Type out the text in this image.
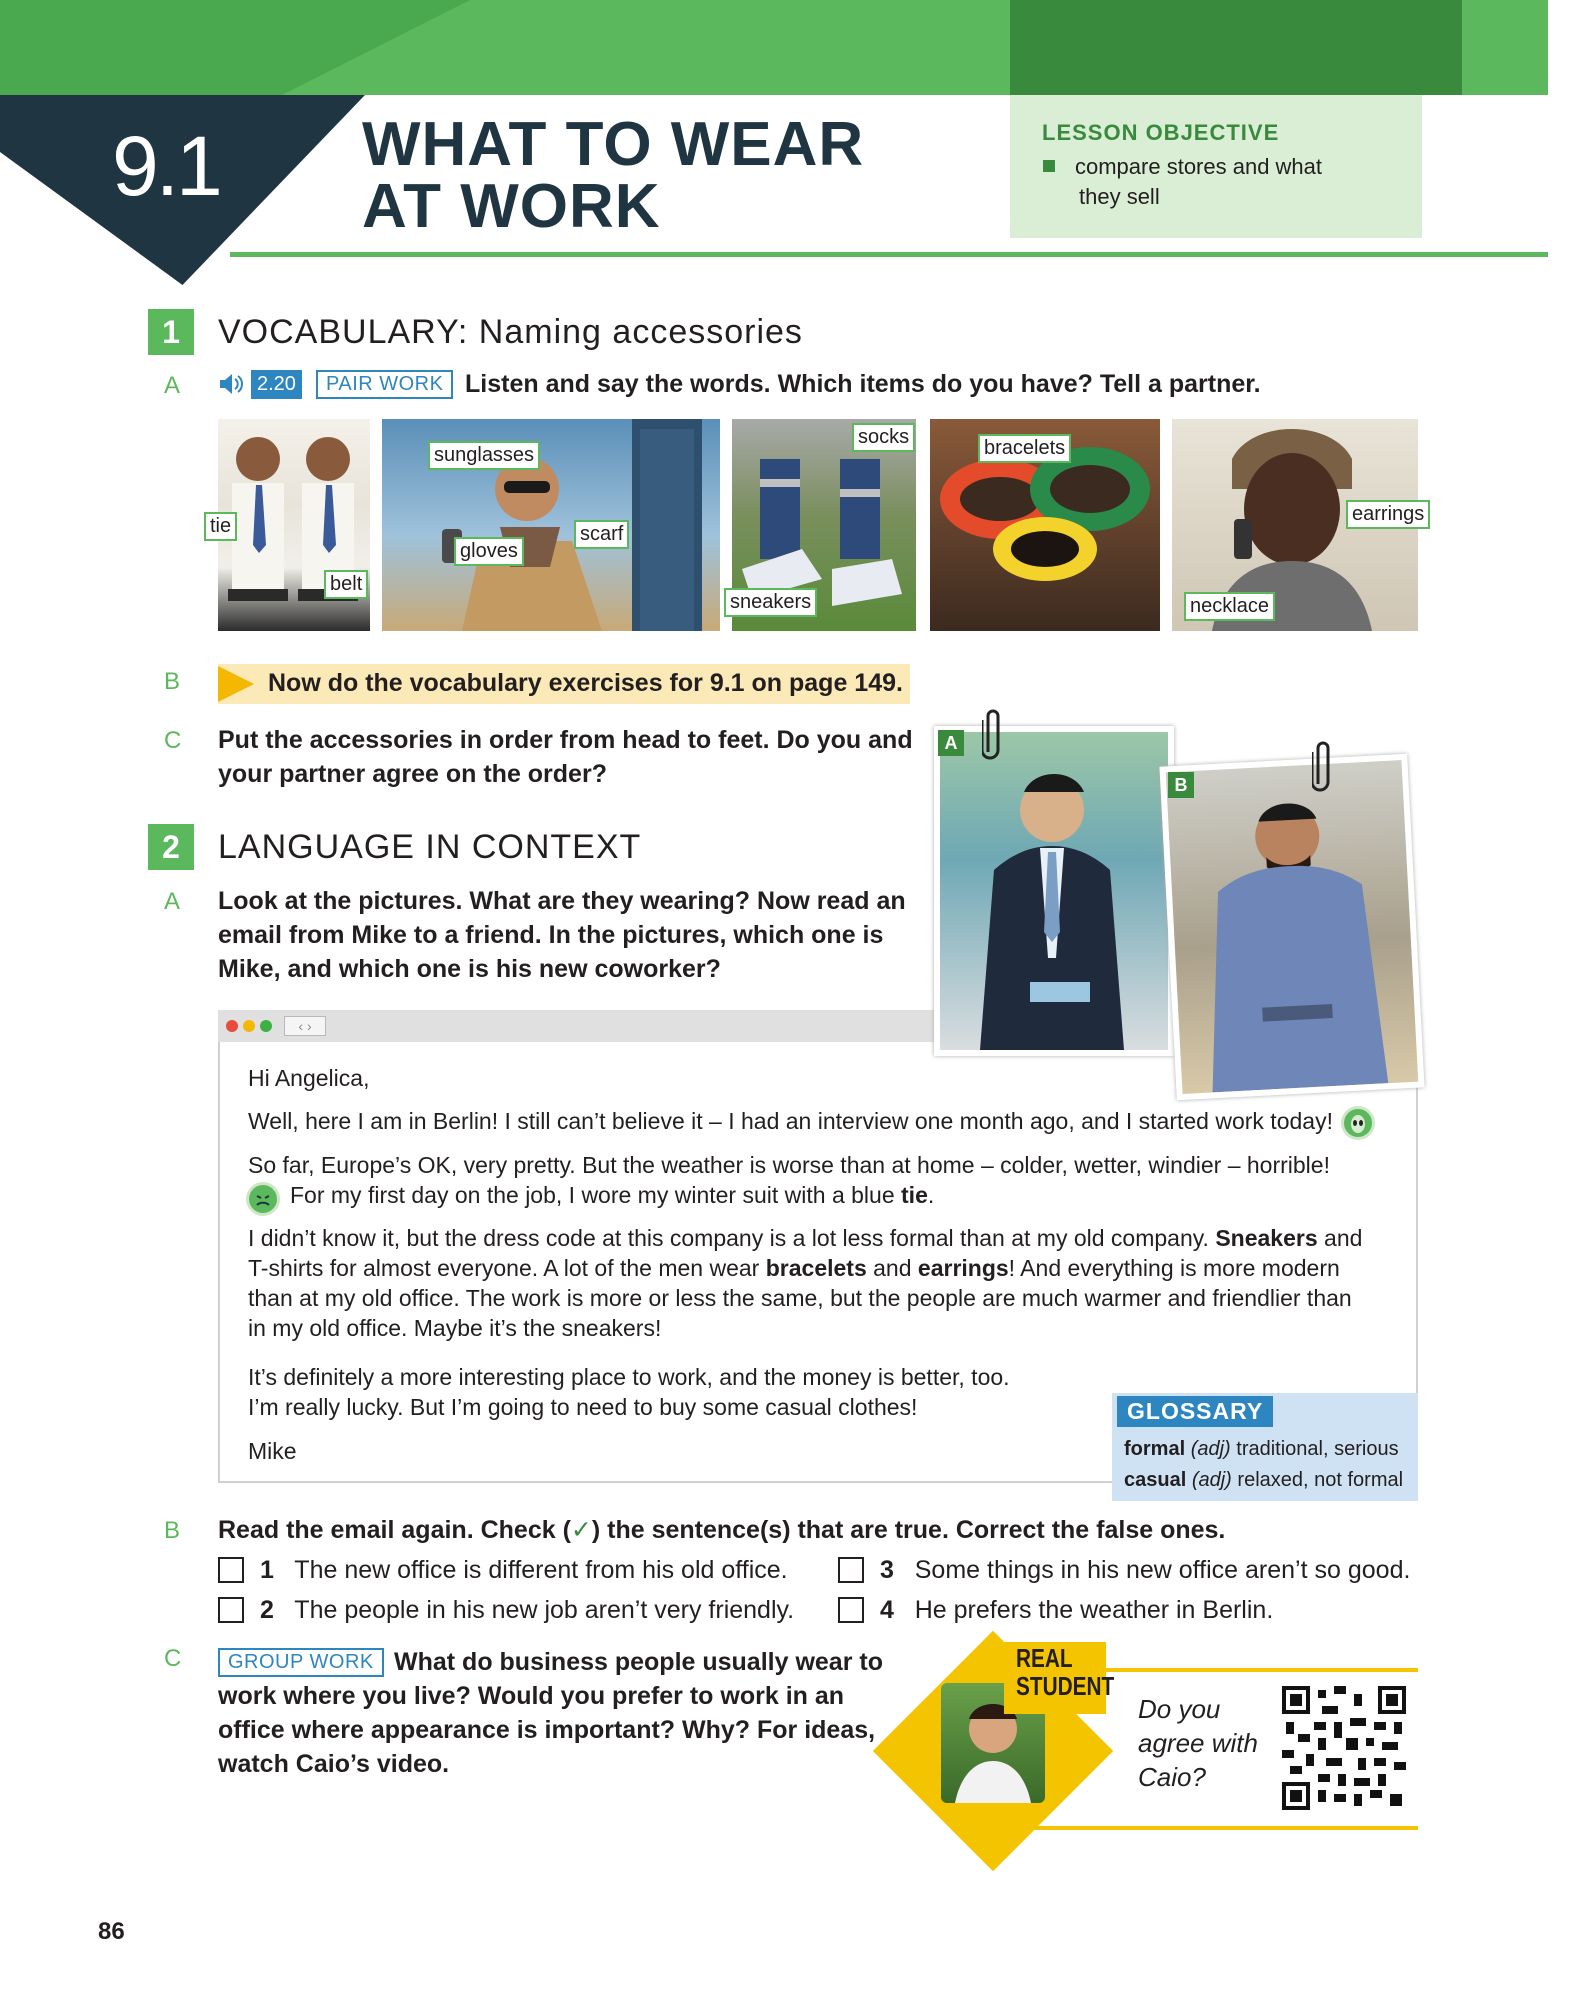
9.1 WHAT TO WEAR
AT WORK
LESSON OBJECTIVE
compare stores and what
they sell
1	VOCABULARY: Naming accessories
A	2.20	PAIR WORK Listen and say the words. Which items do you have? Tell a partner.
tie
belt
sunglasses
gloves
scarf
socks
sneakers
bracelets
earrings
necklace
B	Now do the vocabulary exercises for 9.1 on page 149.
C Put the accessories in order from head to feet. Do you and
your partner agree on the order?
2	LANGUAGE IN CONTEXT
A Look at the pictures. What are they wearing? Now read an
email from Mike to a friend. In the pictures, which one is
Mike, and which one is his new coworker?
‹ ›
A
B
Hi Angelica,
Well, here I am in Berlin! I still can’t believe it – I had an interview one month ago, and I started work today!
So far, Europe’s OK, very pretty. But the weather is worse than at home – colder, wetter, windier – horrible!
For my first day on the job, I wore my winter suit with a blue tie.
I didn’t know it, but the dress code at this company is a lot less formal than at my old company. Sneakers and
T-shirts for almost everyone. A lot of the men wear bracelets and earrings! And everything is more modern
than at my old office. The work is more or less the same, but the people are much warmer and friendlier than
in my old office. Maybe it’s the sneakers!
It’s definitely a more interesting place to work, and the money is better, too.
I’m really lucky. But I’m going to need to buy some casual clothes!
Mike
GLOSSARY
formal (adj) traditional, serious
casual (adj) relaxed, not formal
B Read the email again. Check (✓) the sentence(s) that are true. Correct the false ones.
1 The new office is different from his old office.
2 The people in his new job aren’t very friendly.
3 Some things in his new office aren’t so good.
4 He prefers the weather in Berlin.
C	GROUP WORK What do business people usually wear to
work where you live? Would you prefer to work in an
office where appearance is important? Why? For ideas,
watch Caio’s video.
REAL
STUDENT
Do you
agree with
Caio?
86
